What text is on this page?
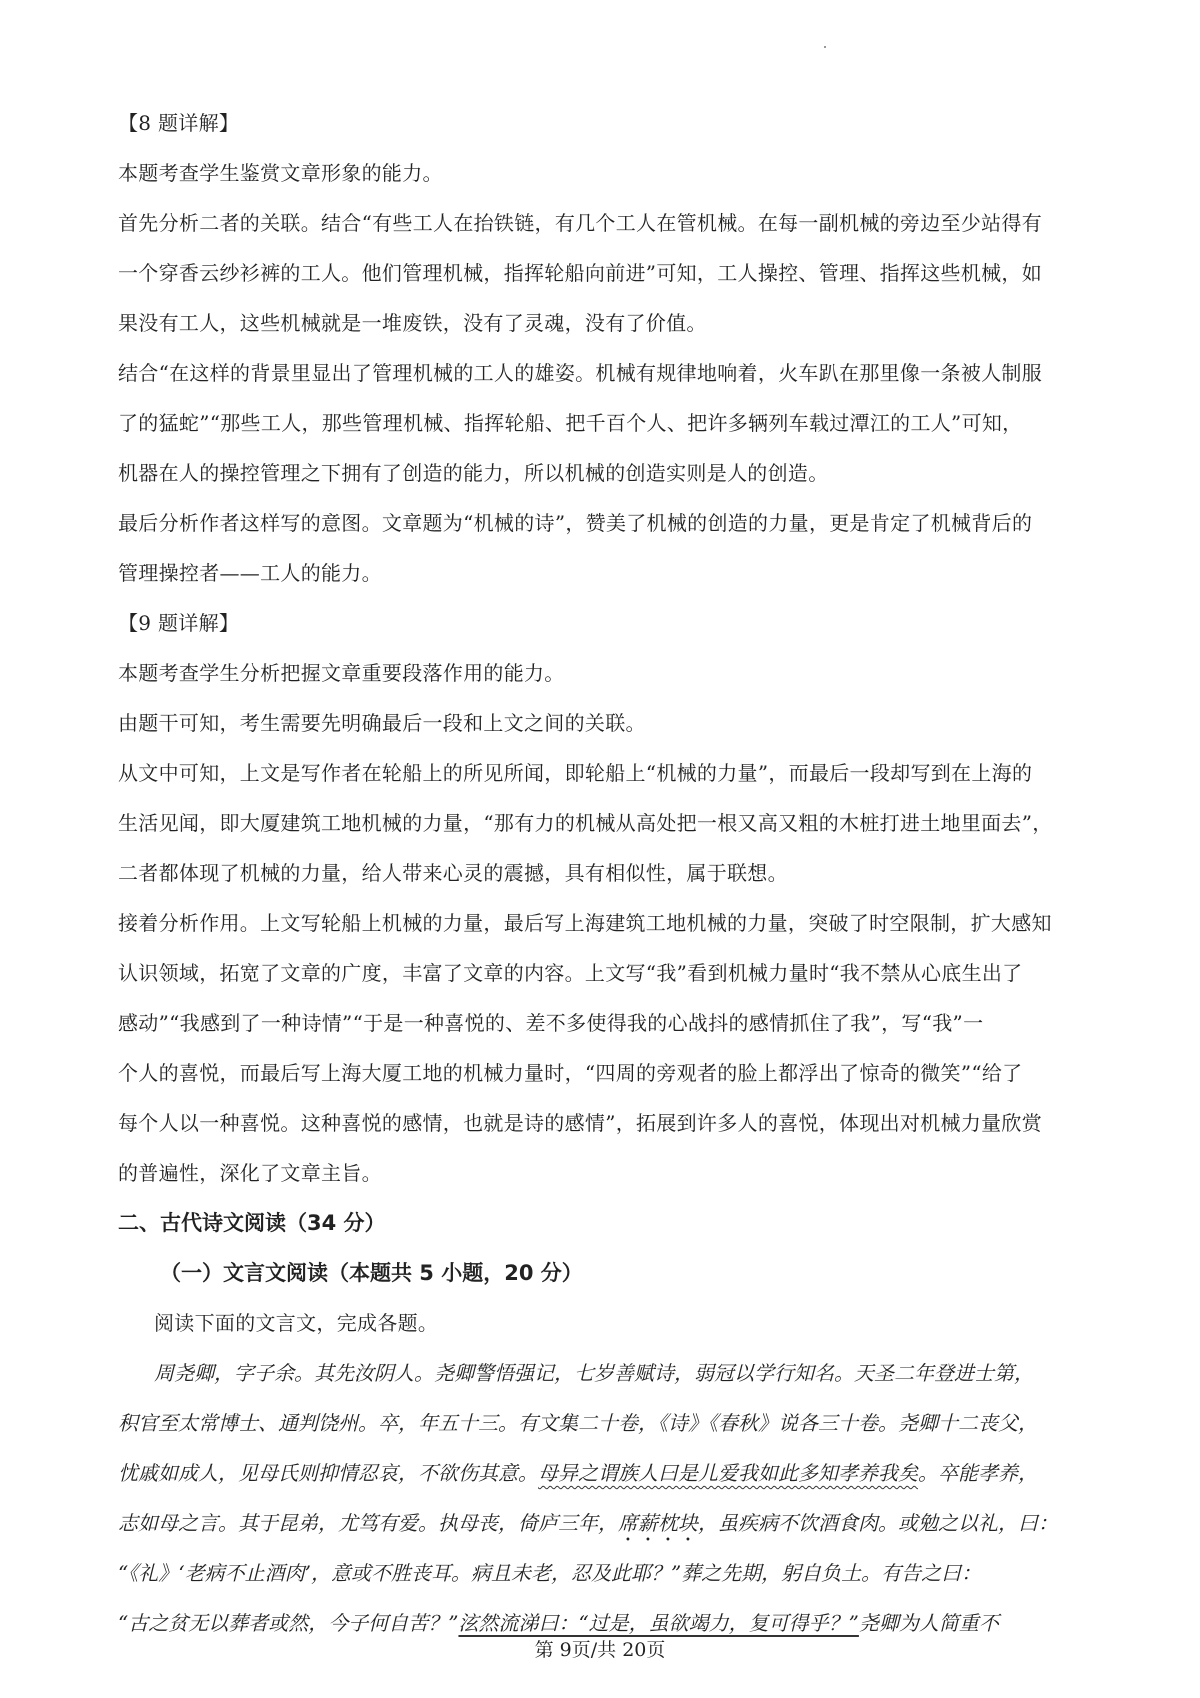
【8 题详解】
本题考查学生鉴赏文章形象的能力。
首先分析二者的关联。结合“有些工人在抬铁链，有几个工人在管机械。在每一副机械的旁边至少站得有
一个穿香云纱衫裤的工人。他们管理机械，指挥轮船向前进”可知，工人操控、管理、指挥这些机械，如
果没有工人，这些机械就是一堆废铁，没有了灵魂，没有了价值。
结合“在这样的背景里显出了管理机械的工人的雄姿。机械有规律地响着，火车趴在那里像一条被人制服
了的猛蛇”“那些工人，那些管理机械、指挥轮船、把千百个人、把许多辆列车载过潭江的工人”可知，
机器在人的操控管理之下拥有了创造的能力，所以机械的创造实则是人的创造。
最后分析作者这样写的意图。文章题为“机械的诗”，赞美了机械的创造的力量，更是肯定了机械背后的
管理操控者——工人的能力。
【9 题详解】
本题考查学生分析把握文章重要段落作用的能力。
由题干可知，考生需要先明确最后一段和上文之间的关联。
从文中可知，上文是写作者在轮船上的所见所闻，即轮船上“机械的力量”，而最后一段却写到在上海的
生活见闻，即大厦建筑工地机械的力量，“那有力的机械从高处把一根又高又粗的木桩打进土地里面去”，
二者都体现了机械的力量，给人带来心灵的震撼，具有相似性，属于联想。
接着分析作用。上文写轮船上机械的力量，最后写上海建筑工地机械的力量，突破了时空限制，扩大感知
认识领域，拓宽了文章的广度，丰富了文章的内容。上文写“我”看到机械力量时“我不禁从心底生出了
感动”“我感到了一种诗情”“于是一种喜悦的、差不多使得我的心战抖的感情抓住了我”，写“我”一
个人的喜悦，而最后写上海大厦工地的机械力量时，“四周的旁观者的脸上都浮出了惊奇的微笑”“给了
每个人以一种喜悦。这种喜悦的感情，也就是诗的感情”，拓展到许多人的喜悦，体现出对机械力量欣赏
的普遍性，深化了文章主旨。
二、古代诗文阅读（34 分）
（一）文言文阅读（本题共 5 小题，20 分）
阅读下面的文言文，完成各题。
周尧卿，字子余。其先汝阴人。尧卿警悟强记，七岁善赋诗，弱冠以学行知名。天圣二年登进士第，
积官至太常博士、通判饶州。卒，年五十三。有文集二十卷，《诗》《春秋》说各三十卷。尧卿十二丧父，
忧戚如成人，见母氏则抑情忍哀，不欲伤其意。母异之谓族人曰是儿爱我如此多知孝养我矣。卒能孝养，
志如母之言。其于昆弟，尤笃有爱。执母丧，倚庐三年，席薪枕块，虽疾病不饮酒食肉。或勉之以礼，曰：
“《礼》‘老病不止酒肉’，意或不胜丧耳。病且未老，忍及此耶？”葬之先期，躬自负土。有告之曰：
“古之贫无以葬者或然，今子何自苦？”泫然流涕曰：“过是，虽欲竭力，复可得乎？”尧卿为人简重不
第 9页/共 20页
